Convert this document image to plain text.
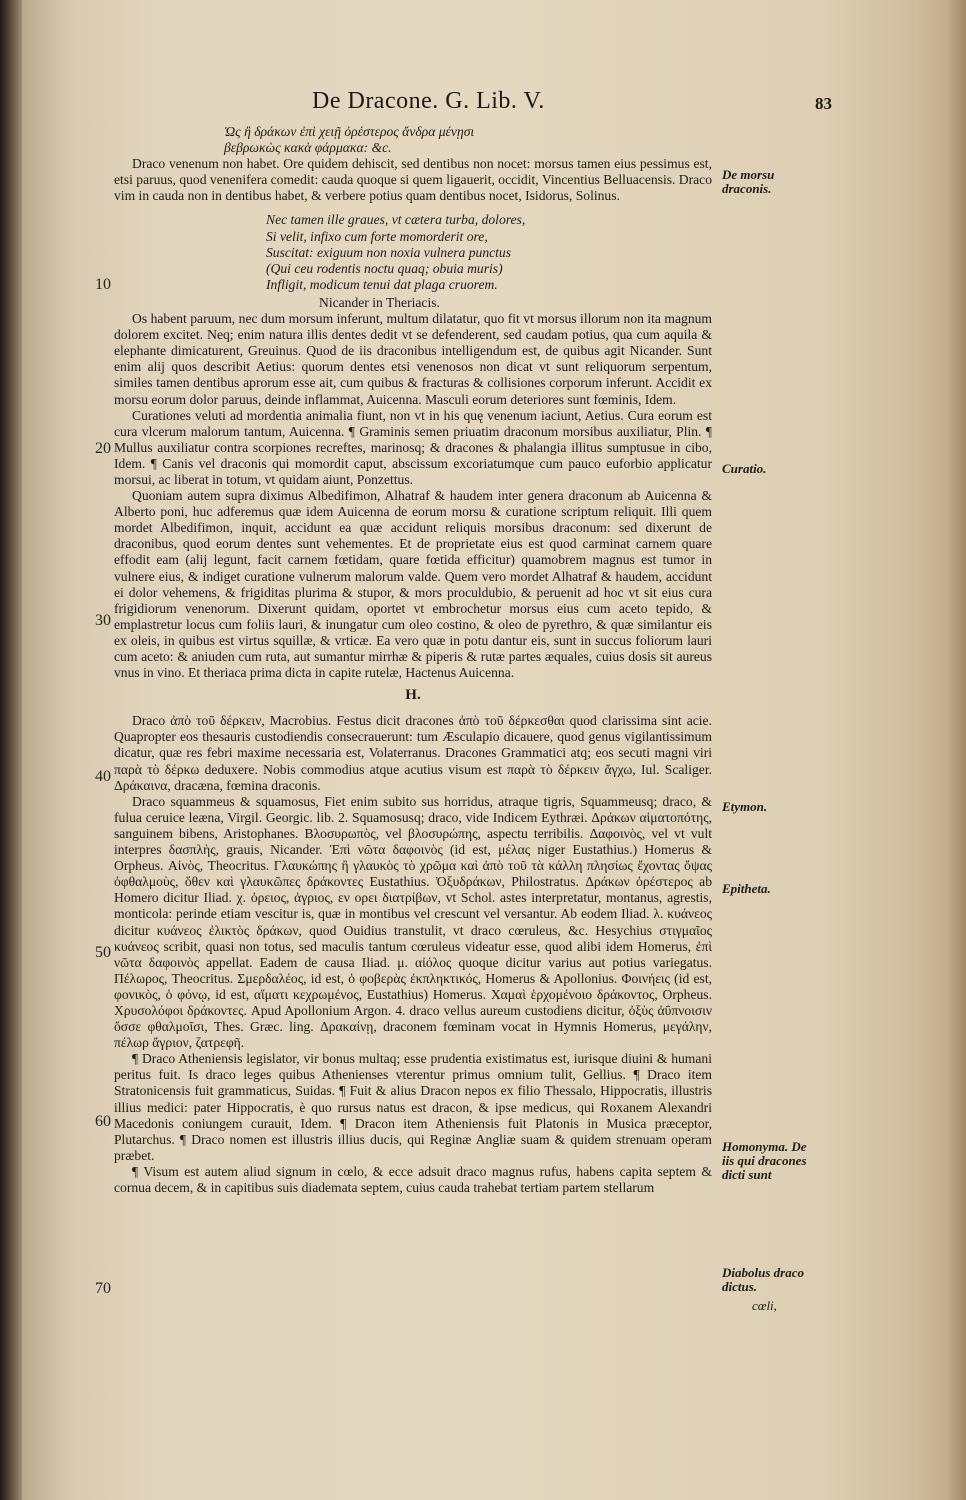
De Dracone. G. Lib. V.	83

Ὡς ἢ δράκων ἐπὶ χειῇ ὀρέστερος ἄνδρα μένῃσι

βεβρωκὼς κακὰ φάρμακα: &c.

Draco venenum non habet. Ore quidem dehiscit, sed dentibus non nocet: morsus tamen eius pessimus est, etsi paruus, quod venenifera comedit: cauda quoque si quem ligauerit, occidit, Vincentius Belluacensis. Draco vim in cauda non in dentibus habet, & verbere potius quam dentibus nocet, Isidorus, Solinus.

Nec tamen ille graues, vt cætera turba, dolores,
Si velit, infixo cum forte momorderit ore,
Suscitat: exiguum non noxia vulnera punctus
(Qui ceu rodentis noctu quaq; obuia muris)
Infligit, modicum tenui dat plaga cruorem.

Nicander in Theriacis.

Os habent paruum, nec dum morsum inferunt, multum dilatatur, quo fit vt morsus illorum non ita magnum dolorem excitet. Neq; enim natura illis dentes dedit vt se defenderent, sed caudam potius, qua cum aquila & elephante dimicaturent, Greuinus. Quod de iis draconibus intelligendum est, de quibus agit Nicander. Sunt enim alij quos describit Aetius: quorum dentes etsi venenosos non dicat vt sunt reliquorum serpentum, similes tamen dentibus aprorum esse ait, cum quibus & fracturas & collisiones corporum inferunt. Accidit ex morsu eorum dolor paruus, deinde inflammat, Auicenna. Masculi eorum deteriores sunt fœminis, Idem.

Curationes veluti ad mordentia animalia fiunt, non vt in his quę venenum iaciunt, Aetius. Cura eorum est cura vlcerum malorum tantum, Auicenna. ¶ Graminis semen priuatim draconum morsibus auxiliatur, Plin. ¶ Mullus auxiliatur contra scorpiones recreftes, marinosq; & dracones & phalangia illitus sumptusue in cibo, Idem. ¶ Canis vel draconis qui momordit caput, abscissum excoriatumque cum pauco euforbio applicatur morsui, ac liberat in totum, vt quidam aiunt, Ponzettus.

Quoniam autem supra diximus Albedifimon, Alhatraf & haudem inter genera draconum ab Auicenna & Alberto poni, huc adferemus quæ idem Auicenna de eorum morsu & curatione scriptum reliquit. Illi quem mordet Albedifimon, inquit, accidunt ea quæ accidunt reliquis morsibus draconum: sed dixerunt de draconibus, quod eorum dentes sunt vehementes. Et de proprietate eius est quod carminat carnem quare effodit eam (alij legunt, facit carnem fœtidam, quare fœtida efficitur) quamobrem magnus est tumor in vulnere eius, & indiget curatione vulnerum malorum valde. Quem vero mordet Alhatraf & haudem, accidunt ei dolor vehemens, & frigiditas plurima & stupor, & mors proculdubio, & peruenit ad hoc vt sit eius cura frigidiorum venenorum. Dixerunt quidam, oportet vt embrochetur morsus eius cum aceto tepido, & emplastretur locus cum foliis lauri, & inungatur cum oleo costino, & oleo de pyrethro, & quæ similantur eis ex oleis, in quibus est virtus squillæ, & vrticæ. Ea vero quæ in potu dantur eis, sunt in succus foliorum lauri cum aceto: & aniuden cum ruta, aut sumantur mirrhæ & piperis & rutæ partes æquales, cuius dosis sit aureus vnus in vino. Et theriaca prima dicta in capite rutelæ, Hactenus Auicenna.

H.

Draco ἀπὸ τοῦ δέρκειν, Macrobius. Festus dicit dracones ἀπὸ τοῦ δέρκεσθαι quod clarissima sint acie. Quapropter eos thesauris custodiendis consecrauerunt: tum Æsculapio dicauere, quod genus vigilantissimum dicatur, quæ res febri maxime necessaria est, Volaterranus. Dracones Grammatici atq; eos secuti magni viri παρὰ τὸ δέρκω deduxere. Nobis commodius atque acutius visum est παρὰ τὸ δέρκειν ἄγχω, Iul. Scaliger. Δράκαινα, dracæna, fœmina draconis.

Draco squammeus & squamosus, Fiet enim subito sus horridus, atraque tigris, Squammeusq; draco, & fulua ceruice leæna, Virgil. Georgic. lib. 2. Squamosusq; draco, vide Indicem Eythræi. Δράκων αἱματοπότης, sanguinem bibens, Aristophanes. Βλοσυρωπὸς, vel βλοσυρώπης, aspectu terribilis. Δαφοινὸς, vel vt vult interpres δασπλὴς, grauis, Nicander. Ἐπὶ νῶτα δαφοινὸς (id est, μέλας niger Eustathius.) Homerus & Orpheus. Αἰνὸς, Theocritus. Γλαυκώπης ἢ γλαυκὸς τὸ χρῶμα καὶ ἀπὸ τοῦ τὰ κάλλη πλησίως ἔχοντας ὄψας ὀφθαλμοὺς, ὅθεν καὶ γλαυκῶπες δράκοντες Eustathius. Ὀξυδράκων, Philostratus. Δράκων ὀρέστερος ab Homero dicitur Iliad. χ. ὀρειος, ἀγριος, εν ορει διατρίβων, vt Schol. astes interpretatur, montanus, agrestis, monticola: perinde etiam vescitur is, quæ in montibus vel crescunt vel versantur. Ab eodem Iliad. λ. κυάνεος dicitur κυάνεος ἐλικτὸς δράκων, quod Ouidius transtulit, vt draco cœruleus, &c. Hesychius στιγμαῖος κυάνεος scribit, quasi non totus, sed maculis tantum cœruleus videatur esse, quod alibi idem Homerus, ἐπὶ νῶτα δαφοινὸς appellat. Eadem de causa Iliad. μ. αἰόλος quoque dicitur varius aut potius variegatus. Πέλωρος, Theocritus. Σμερδαλέος, id est, ὁ φοβερὰς ἐκπληκτικός, Homerus & Apollonius. Φοινήεις (id est, φονικὸς, ὁ φόνῳ, id est, αἵματι κεχρωμένος, Eustathius) Homerus. Χαμαὶ ἑρχομένοιο δράκοντος, Orpheus. Χρυσολόφοι δράκοντες. Apud Apollonium Argon. 4. draco vellus aureum custodiens dicitur, ὀξὺς ἀΰπνοισιν ὄσσε φθαλμοῖσι, Thes. Græc. ling. Δρακαίνῃ, draconem fœminam vocat in Hymnis Homerus, μεγάλην, πέλωρ ἄγριον, ζατρεφῆ.

¶ Draco Atheniensis legislator, vir bonus multaq; esse prudentia existimatus est, iurisque diuini & humani peritus fuit. Is draco leges quibus Athenienses vterentur primus omnium tulit, Gellius. ¶ Draco item Stratonicensis fuit grammaticus, Suidas. ¶ Fuit & alius Dracon nepos ex filio Thessalo, Hippocratis, illustris illius medici: pater Hippocratis, è quo rursus natus est dracon, & ipse medicus, qui Roxanem Alexandri Macedonis coniungem curauit, Idem. ¶ Dracon item Atheniensis fuit Platonis in Musica præceptor, Plutarchus. ¶ Draco nomen est illustris illius ducis, qui Reginæ Angliæ suam & quidem strenuam operam præbet.

¶ Visum est autem aliud signum in cœlo, & ecce adsuit draco magnus rufus, habens capita septem & cornua decem, & in capitibus suis diademata septem, cuius cauda trahebat tertiam partem stellarum

10
20
30
40
50
60
70
De morsu draconis.
Curatio.
Etymon.
Epitheta.
Homonyma. De iis qui dracones dicti sunt
Diabolus draco dictus.
cœli,
